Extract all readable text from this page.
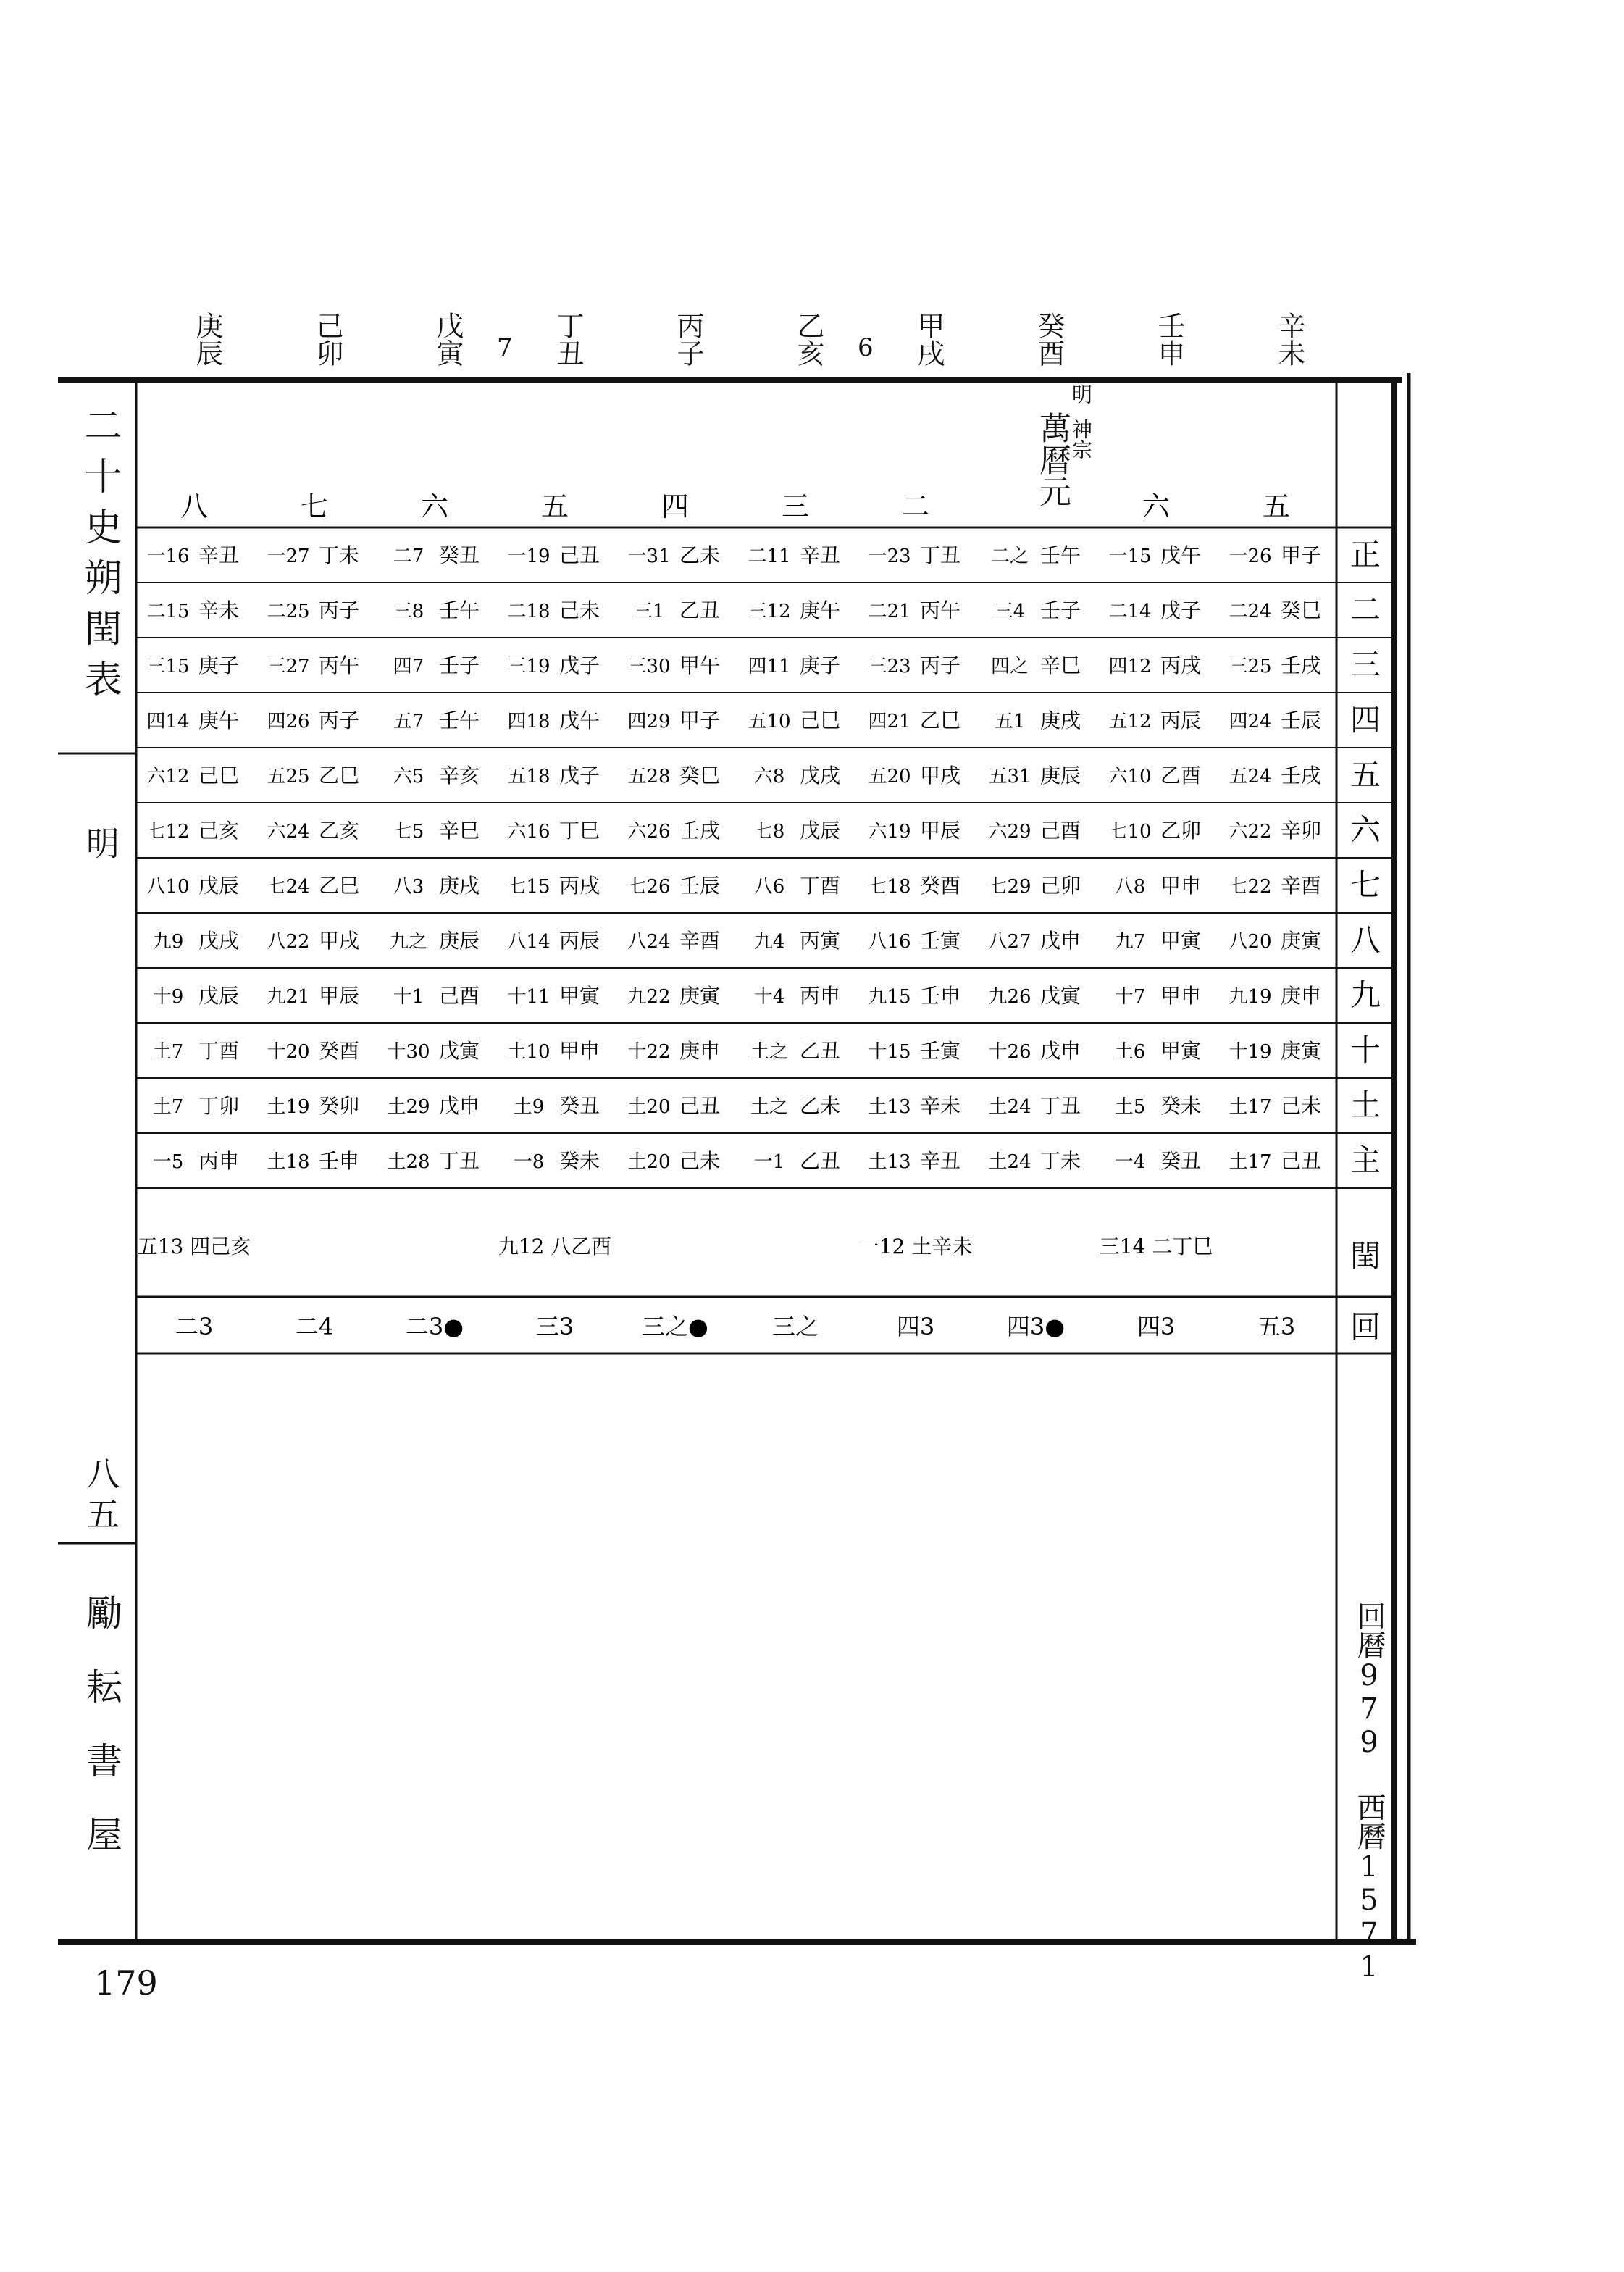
正
二
三
四
五
六
七
八
九
十
土
主
閏
回
五
六
二
三
四
五
六
七
八
一26 甲子
二24 癸巳
三25 壬戌
四24 壬辰
五24 壬戌
六22 辛卯
七22 辛酉
八20 庚寅
九19 庚申
十19 庚寅
土17 己未
土17 己丑
五3
一15 戊午
二14 戊子
四12 丙戌
五12 丙辰
六10 乙酉
七10 乙卯
八8 甲申
九7 甲寅
十7 甲申
土6 甲寅
土5 癸未
一4 癸丑
三14 二丁巳
四3
二之 壬午
三4 壬子
四之 辛巳
五1 庚戌
五31 庚辰
六29 己酉
七29 己卯
八27 戊申
九26 戊寅
十26 戊申
土24 丁丑
土24 丁未
四3●
一23 丁丑
二21 丙午
三23 丙子
四21 乙巳
五20 甲戌
六19 甲辰
七18 癸酉
八16 壬寅
九15 壬申
十15 壬寅
土13 辛未
土13 辛丑
一12 土辛未
四3
二11 辛丑
三12 庚午
四11 庚子
五10 己巳
六8 戊戌
七8 戊辰
八6 丁酉
九4 丙寅
十4 丙申
土之 乙丑
土之 乙未
一1 乙丑
三之
一31 乙未
三1 乙丑
三30 甲午
四29 甲子
五28 癸巳
六26 壬戌
七26 壬辰
八24 辛酉
九22 庚寅
十22 庚申
土20 己丑
土20 己未
三之●
一19 己丑
二18 己未
三19 戊子
四18 戊午
五18 戊子
六16 丁巳
七15 丙戌
八14 丙辰
十11 甲寅
土10 甲申
土9 癸丑
一8 癸未
九12 八乙酉
三3
二7 癸丑
三8 壬午
四7 壬子
五7 壬午
六5 辛亥
七5 辛巳
八3 庚戌
九之 庚辰
十1 己酉
十30 戊寅
土29 戊申
土28 丁丑
二3●
一27 丁未
二25 丙子
三27 丙午
四26 丙子
五25 乙巳
六24 乙亥
七24 乙巳
八22 甲戌
九21 甲辰
十20 癸酉
土19 癸卯
土18 壬申
二4
一16 辛丑
二15 辛未
三15 庚子
四14 庚午
六12 己巳
七12 己亥
八10 戊辰
九9 戊戌
十9 戊辰
土7 丁酉
土7 丁卯
一5 丙申
五13 四己亥
二3
辛未
壬申
癸酉
甲戌
6
乙亥
丙子
丁丑
7
戊寅
己卯
庚辰
二十史朔閏表
明
八五
勵耘書屋
萬曆元
神宗
明
回曆979 西曆1571
179
